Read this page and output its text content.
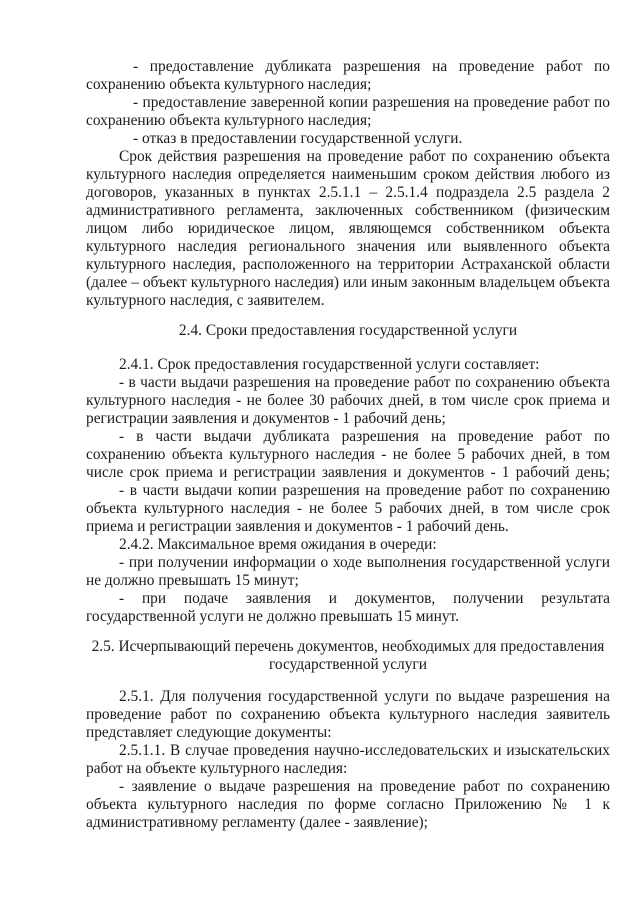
- предоставление дубликата разрешения на проведение работ по
сохранению объекта культурного наследия;
- предоставление заверенной копии разрешения на проведение работ по
сохранению объекта культурного наследия;
- отказ в предоставлении государственной услуги.
Срок действия разрешения на проведение работ по сохранению объекта
культурного наследия определяется наименьшим сроком действия любого из
договоров, указанных в пунктах 2.5.1.1 – 2.5.1.4 подраздела 2.5 раздела 2
административного регламента, заключенных собственником (физическим
лицом либо юридическое лицом, являющемся собственником объекта
культурного наследия регионального значения или выявленного объекта
культурного наследия, расположенного на территории Астраханской области
(далее – объект культурного наследия) или иным законным владельцем объекта
культурного наследия, с заявителем.
2.4. Сроки предоставления государственной услуги
2.4.1. Срок предоставления государственной услуги составляет:
- в части выдачи разрешения на проведение работ по сохранению объекта
культурного наследия - не более 30 рабочих дней, в том числе срок приема и
регистрации заявления и документов - 1 рабочий день;
- в части выдачи дубликата разрешения на проведение работ по
сохранению объекта культурного наследия - не более 5 рабочих дней, в том
числе срок приема и регистрации заявления и документов - 1 рабочий день;
- в части выдачи копии разрешения на проведение работ по сохранению
объекта культурного наследия - не более 5 рабочих дней, в том числе срок
приема и регистрации заявления и документов - 1 рабочий день.
2.4.2. Максимальное время ожидания в очереди:
- при получении информации о ходе выполнения государственной услуги
не должно превышать 15 минут;
- при подаче заявления и документов, получении результата
государственной услуги не должно превышать 15 минут.
2.5. Исчерпывающий перечень документов, необходимых для предоставления
государственной услуги
2.5.1. Для получения государственной услуги по выдаче разрешения на
проведение работ по сохранению объекта культурного наследия заявитель
представляет следующие документы:
2.5.1.1. В случае проведения научно-исследовательских и изыскательских
работ на объекте культурного наследия:
- заявление о выдаче разрешения на проведение работ по сохранению
объекта культурного наследия по форме согласно Приложению № 1 к
административному регламенту (далее - заявление);
